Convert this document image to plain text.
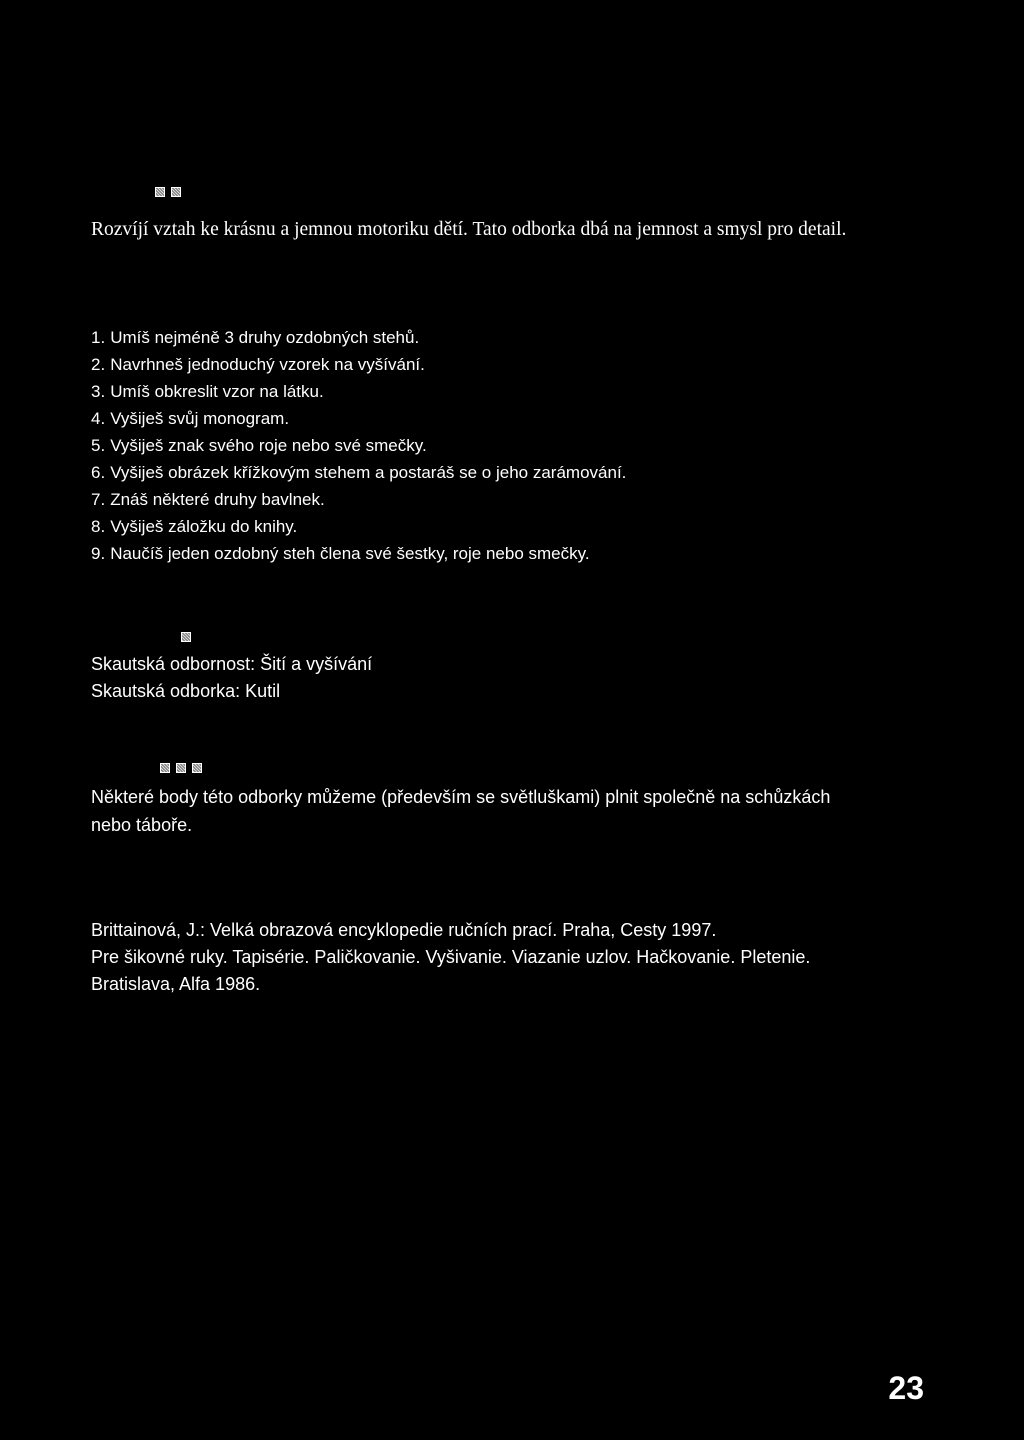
Rozvíjí vztah ke krásnu a jemnou motoriku dětí. Tato odborka dbá na jemnost a smysl pro detail.
1. Umíš nejméně 3 druhy ozdobných stehů.
2. Navrhneš jednoduchý vzorek na vyšívání.
3. Umíš obkreslit vzor na látku.
4. Vyšiješ svůj monogram.
5. Vyšiješ znak svého roje nebo své smečky.
6. Vyšiješ obrázek křížkovým stehem a postaráš se o jeho zarámování.
7. Znáš některé druhy bavlnek.
8. Vyšiješ záložku do knihy.
9. Naučíš jeden ozdobný steh člena své šestky, roje nebo smečky.
Skautská odbornost: Šití a vyšívání
Skautská odborka: Kutil
Některé body této odborky můžeme (především se světluškami) plnit společně na schůzkách
nebo táboře.
Brittainová, J.: Velká obrazová encyklopedie ručních prací. Praha, Cesty 1997.
Pre šikovné ruky. Tapisérie. Paličkovanie. Vyšivanie. Viazanie uzlov. Hačkovanie. Pletenie.
Bratislava, Alfa 1986.
23
